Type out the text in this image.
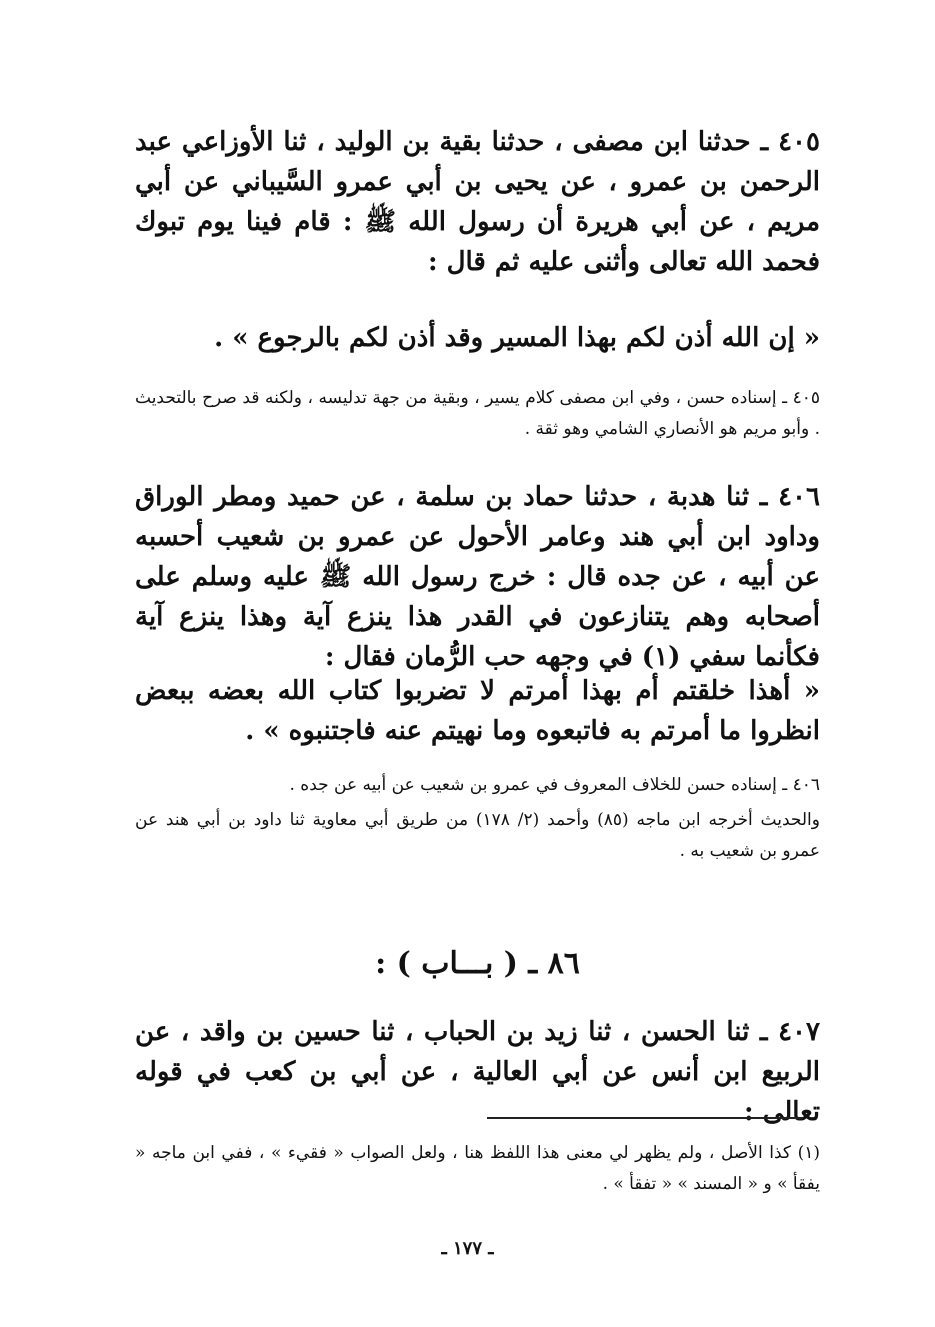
٤٠٥ ـ حدثنا ابن مصفى ، حدثنا بقية بن الوليد ، ثنا الأوزاعي عبد الرحمن بن عمرو ، عن يحيى بن أبي عمرو السَّيباني عن أبي مريم ، عن أبي هريرة أن رسول الله ﷺ : قام فينا يوم تبوك فحمد الله تعالى وأثنى عليه ثم قال :

« إن الله أذن لكم بهذا المسير وقد أذن لكم بالرجوع » .

٤٠٥ ـ إسناده حسن ، وفي ابن مصفى كلام يسير ، وبقية من جهة تدليسه ، ولكنه قد صرح بالتحديث . وأبو مريم هو الأنصاري الشامي وهو ثقة .

٤٠٦ ـ ثنا هدبة ، حدثنا حماد بن سلمة ، عن حميد ومطر الوراق وداود ابن أبي هند وعامر الأحول عن عمرو بن شعيب أحسبه عن أبيه ، عن جده قال : خرج رسول الله ﷺ عليه وسلم على أصحابه وهم يتنازعون في القدر هذا ينزع آية وهذا ينزع آية فكأنما سفي (١) في وجهه حب الرُّمان فقال :

« أهذا خلقتم أم بهذا أمرتم لا تضربوا كتاب الله بعضه ببعض انظروا ما أمرتم به فاتبعوه وما نهيتم عنه فاجتنبوه » .

٤٠٦ ـ إسناده حسن للخلاف المعروف في عمرو بن شعيب عن أبيه عن جده .

والحديث أخرجه ابن ماجه (٨٥) وأحمد (٢/ ١٧٨) من طريق أبي معاوية ثنا داود بن أبي هند عن عمرو بن شعيب به .

٨٦ ـ ( بـــاب ) :

٤٠٧ ـ ثنا الحسن ، ثنا زيد بن الحباب ، ثنا حسين بن واقد ، عن الربيع ابن أنس عن أبي العالية ، عن أبي بن كعب في قوله تعالى :

(١) كذا الأصل ، ولم يظهر لي معنى هذا اللفظ هنا ، ولعل الصواب « فقيء » ، ففي ابن ماجه « يفقأ » و « المسند » « تفقأ » .

ـ ١٧٧ ـ
